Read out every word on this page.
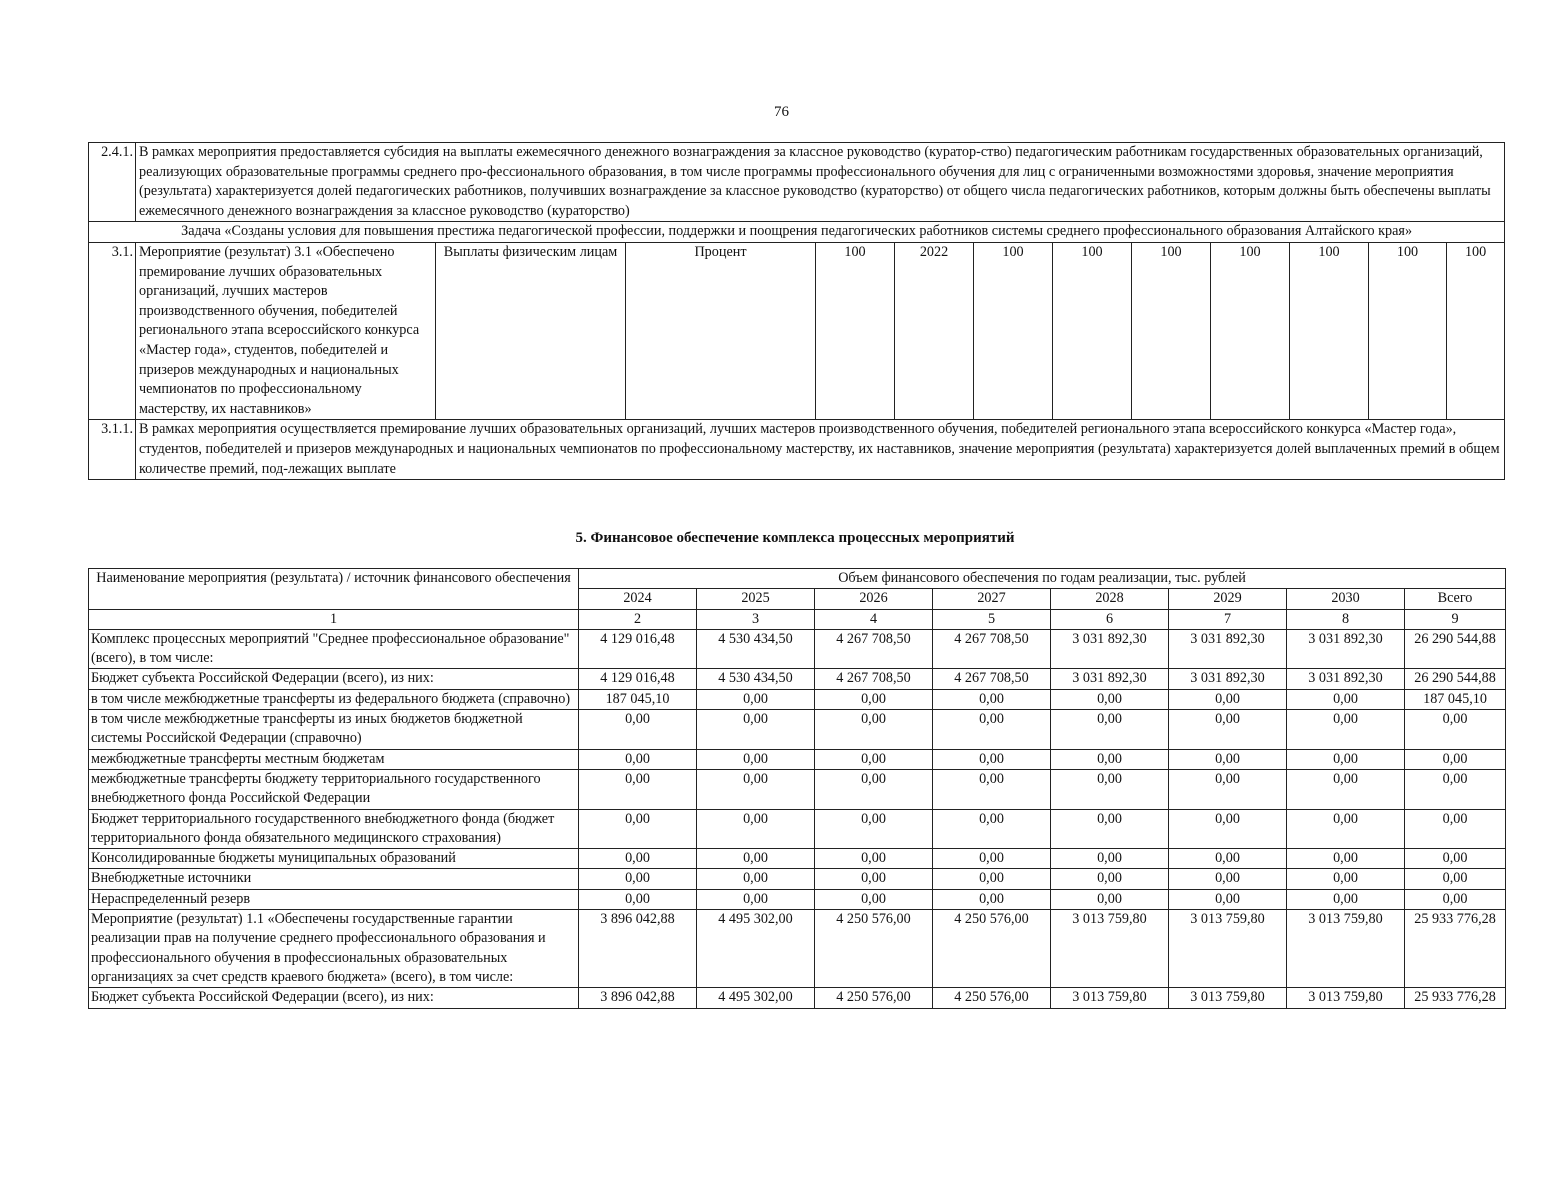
76
2.4.1.	В рамках мероприятия предоставляется субсидия на выплаты ежемесячного денежного вознаграждения за классное руководство (куратор-ство) педагогическим работникам государственных образовательных организаций, реализующих образовательные программы среднего про-фессионального образования, в том числе программы профессионального обучения для лиц с ограниченными возможностями здоровья, значение мероприятия (результата) характеризуется долей педагогических работников, получивших вознаграждение за классное руководство (кураторство) от общего числа педагогических работников, которым должны быть обеспечены выплаты ежемесячного денежного вознаграждения за классное руководство (кураторство)											
Задача «Созданы условия для повышения престижа педагогической профессии, поддержки и поощрения педагогических работников системы среднего профессионального образования Алтайского края»												
3.1.	Мероприятие (результат) 3.1 «Обеспечено премирование лучших образовательных организаций, лучших мастеров производственного обучения, победителей регионального этапа всероссийского конкурса «Мастер года», студентов, победителей и призеров международных и национальных чемпионатов по профессиональному мастерству, их наставников»	Выплаты физическим лицам	Процент	100	2022	100	100	100	100	100	100	100
3.1.1.	В рамках мероприятия осуществляется премирование лучших образовательных организаций, лучших мастеров производственного обучения, победителей регионального этапа всероссийского конкурса «Мастер года», студентов, победителей и призеров международных и национальных чемпионатов по профессиональному мастерству, их наставников, значение мероприятия (результата) характеризуется долей выплаченных премий в общем количестве премий, под-лежащих выплате											
5. Финансовое обеспечение комплекса процессных мероприятий
Наименование мероприятия (результата) / источник финансового обеспечения	Объем финансового обеспечения по годам реализации, тыс. рублей							
	2024	2025	2026	2027	2028	2029	2030	Всего
1	2	3	4	5	6	7	8	9
Комплекс процессных мероприятий "Среднее профессиональное образование" (всего), в том числе:	4 129 016,48	4 530 434,50	4 267 708,50	4 267 708,50	3 031 892,30	3 031 892,30	3 031 892,30	26 290 544,88
Бюджет субъекта Российской Федерации (всего), из них:	4 129 016,48	4 530 434,50	4 267 708,50	4 267 708,50	3 031 892,30	3 031 892,30	3 031 892,30	26 290 544,88
в том числе межбюджетные трансферты из федерального бюджета (справочно)	187 045,10	0,00	0,00	0,00	0,00	0,00	0,00	187 045,10
в том числе межбюджетные трансферты из иных бюджетов бюджетной системы Российской Федерации (справочно)	0,00	0,00	0,00	0,00	0,00	0,00	0,00	0,00
межбюджетные трансферты местным бюджетам	0,00	0,00	0,00	0,00	0,00	0,00	0,00	0,00
межбюджетные трансферты бюджету территориального государственного внебюджетного фонда Российской Федерации	0,00	0,00	0,00	0,00	0,00	0,00	0,00	0,00
Бюджет территориального государственного внебюджетного фонда (бюджет территориального фонда обязательного медицинского страхования)	0,00	0,00	0,00	0,00	0,00	0,00	0,00	0,00
Консолидированные бюджеты муниципальных образований	0,00	0,00	0,00	0,00	0,00	0,00	0,00	0,00
Внебюджетные источники	0,00	0,00	0,00	0,00	0,00	0,00	0,00	0,00
Нераспределенный резерв	0,00	0,00	0,00	0,00	0,00	0,00	0,00	0,00
Мероприятие (результат) 1.1 «Обеспечены государственные гарантии реализации прав на получение среднего профессионального образования и профессионального обучения в профессиональных образовательных организациях за счет средств краевого бюджета» (всего), в том числе:	3 896 042,88	4 495 302,00	4 250 576,00	4 250 576,00	3 013 759,80	3 013 759,80	3 013 759,80	25 933 776,28
Бюджет субъекта Российской Федерации (всего), из них:	3 896 042,88	4 495 302,00	4 250 576,00	4 250 576,00	3 013 759,80	3 013 759,80	3 013 759,80	25 933 776,28
